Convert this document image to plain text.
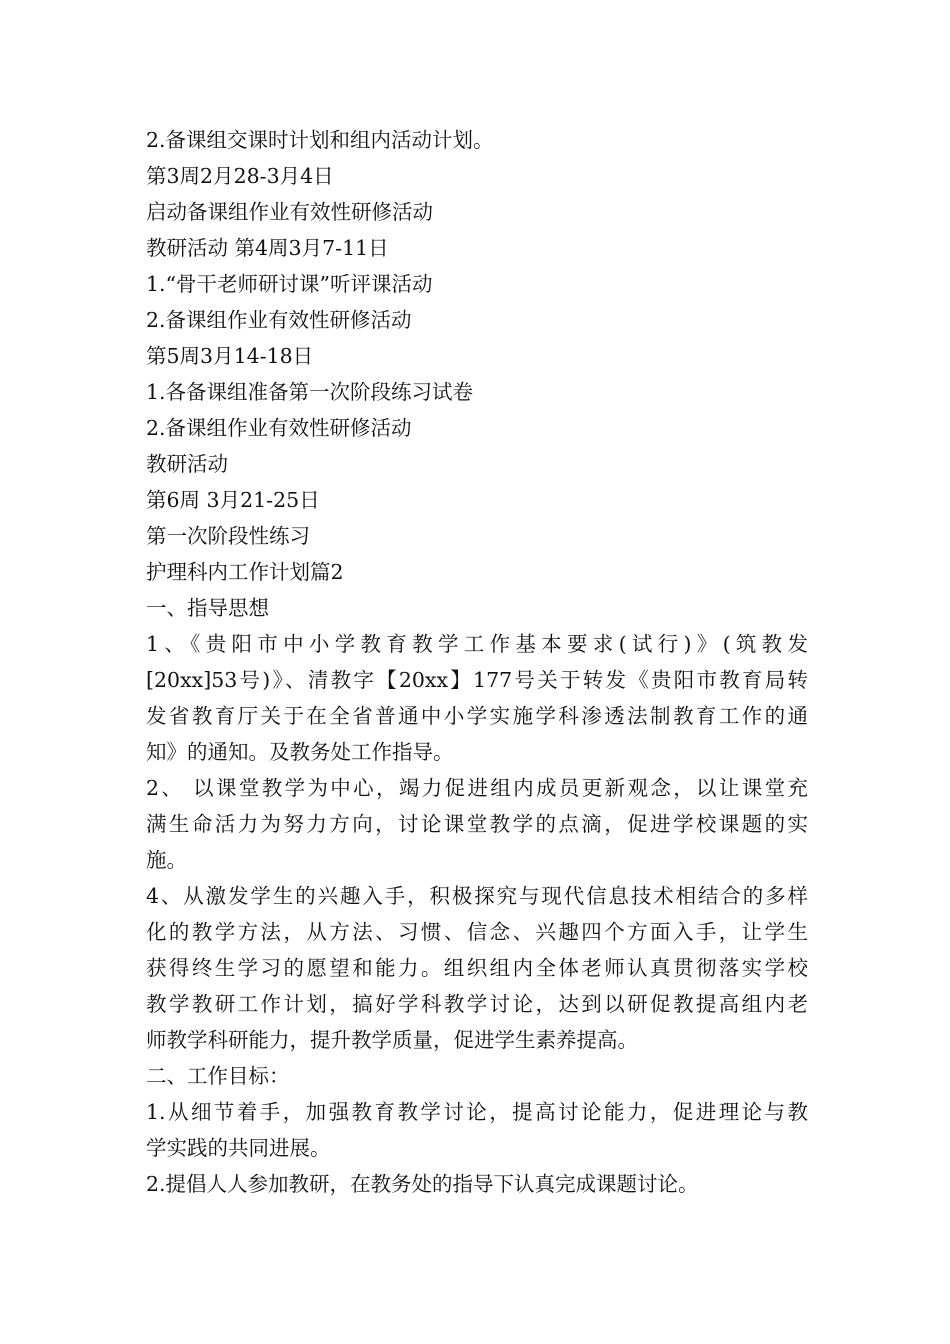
2.备课组交课时计划和组内活动计划。

第3周2月28-3月4日

启动备课组作业有效性研修活动

教研活动 第4周3月7-11日

1.“骨干老师研讨课”听评课活动

2.备课组作业有效性研修活动

第5周3月14-18日

1.各备课组准备第一次阶段练习试卷

2.备课组作业有效性研修活动

教研活动

第6周 3月21-25日

第一次阶段性练习

护理科内工作计划篇2

一、指导思想

1、《贵阳市中小学教育教学工作基本要求(试行)》(筑教发

[20xx]53号)》、清教字【20xx】177号关于转发《贵阳市教育局转

发省教育厅关于在全省普通中小学实施学科渗透法制教育工作的通

知》的通知。及教务处工作指导。

2、 以课堂教学为中心，竭力促进组内成员更新观念，以让课堂充

满生命活力为努力方向，讨论课堂教学的点滴，促进学校课题的实

施。

4、从激发学生的兴趣入手，积极探究与现代信息技术相结合的多样

化的教学方法，从方法、习惯、信念、兴趣四个方面入手，让学生

获得终生学习的愿望和能力。组织组内全体老师认真贯彻落实学校

教学教研工作计划，搞好学科教学讨论，达到以研促教提高组内老

师教学科研能力，提升教学质量，促进学生素养提高。

二、工作目标：

1.从细节着手，加强教育教学讨论，提高讨论能力，促进理论与教

学实践的共同进展。

2.提倡人人参加教研，在教务处的指导下认真完成课题讨论。
